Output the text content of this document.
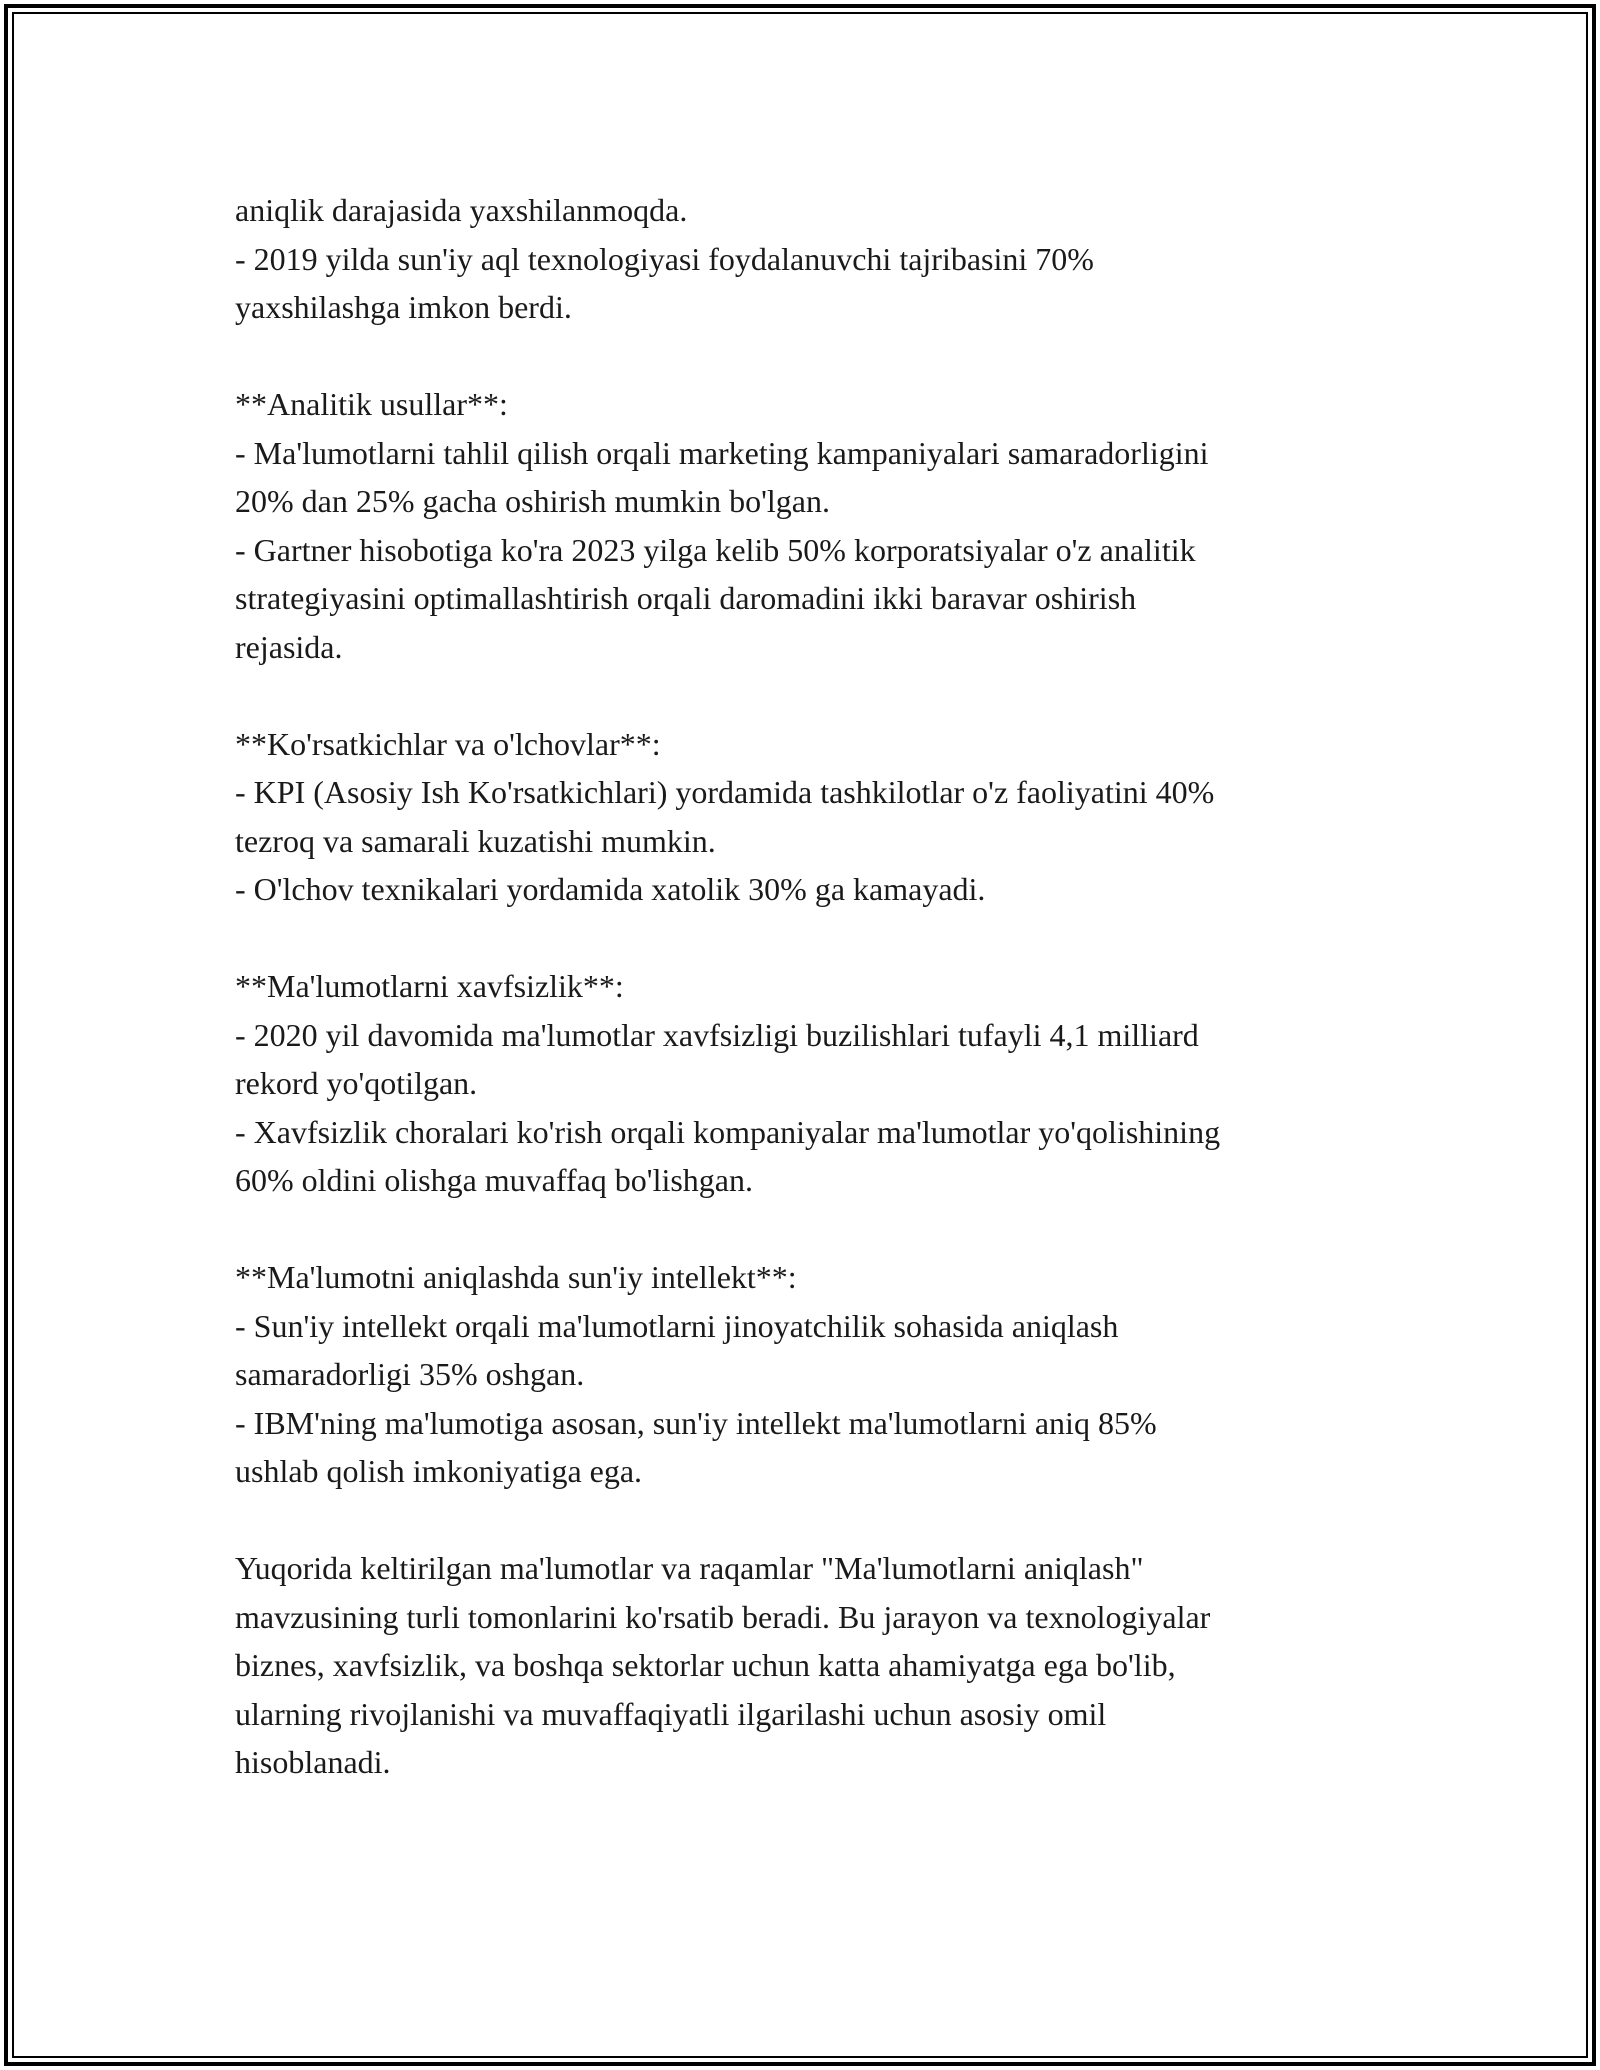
aniqlik darajasida yaxshilanmoqda.
- 2019 yilda sun'iy aql texnologiyasi foydalanuvchi tajribasini 70%
yaxshilashga imkon berdi.
**Analitik usullar**:
- Ma'lumotlarni tahlil qilish orqali marketing kampaniyalari samaradorligini
20% dan 25% gacha oshirish mumkin bo'lgan.
- Gartner hisobotiga ko'ra 2023 yilga kelib 50% korporatsiyalar o'z analitik
strategiyasini optimallashtirish orqali daromadini ikki baravar oshirish
rejasida.
**Ko'rsatkichlar va o'lchovlar**:
- KPI (Asosiy Ish Ko'rsatkichlari) yordamida tashkilotlar o'z faoliyatini 40%
tezroq va samarali kuzatishi mumkin.
- O'lchov texnikalari yordamida xatolik 30% ga kamayadi.
**Ma'lumotlarni xavfsizlik**:
- 2020 yil davomida ma'lumotlar xavfsizligi buzilishlari tufayli 4,1 milliard
rekord yo'qotilgan.
- Xavfsizlik choralari ko'rish orqali kompaniyalar ma'lumotlar yo'qolishining
60% oldini olishga muvaffaq bo'lishgan.
**Ma'lumotni aniqlashda sun'iy intellekt**:
- Sun'iy intellekt orqali ma'lumotlarni jinoyatchilik sohasida aniqlash
samaradorligi 35% oshgan.
- IBM'ning ma'lumotiga asosan, sun'iy intellekt ma'lumotlarni aniq 85%
ushlab qolish imkoniyatiga ega.
Yuqorida keltirilgan ma'lumotlar va raqamlar "Ma'lumotlarni aniqlash"
mavzusining turli tomonlarini ko'rsatib beradi. Bu jarayon va texnologiyalar
biznes, xavfsizlik, va boshqa sektorlar uchun katta ahamiyatga ega bo'lib,
ularning rivojlanishi va muvaffaqiyatli ilgarilashi uchun asosiy omil
hisoblanadi.
